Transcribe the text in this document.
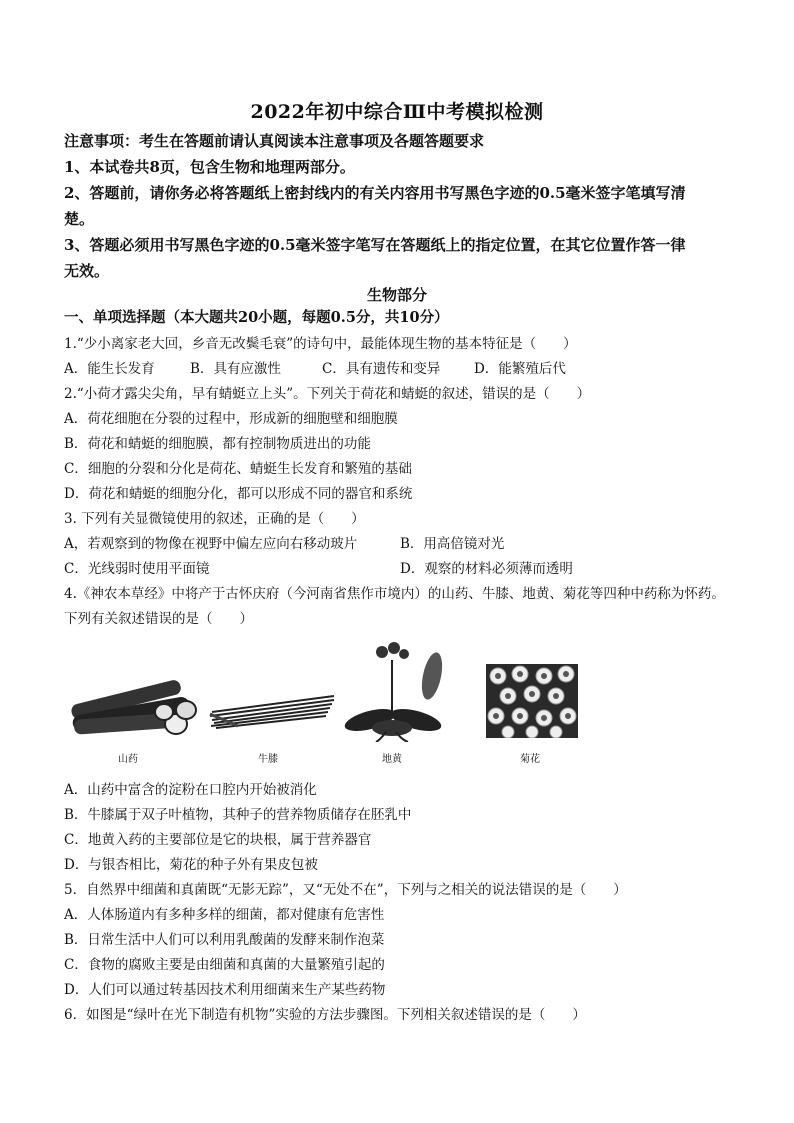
2022年初中综合Ⅲ中考模拟检测
注意事项：考生在答题前请认真阅读本注意事项及各题答题要求
1、本试卷共8页，包含生物和地理两部分。
2、答题前，请你务必将答题纸上密封线内的有关内容用书写黑色字迹的0.5毫米签字笔填写清
楚。
3、答题必须用书写黑色字迹的0.5毫米签字笔写在答题纸上的指定位置，在其它位置作答一律
无效。
生物部分
一、单项选择题（本大题共20小题，每题0.5分，共10分）
1.“少小离家老大回，乡音无改鬓毛衰”的诗句中，最能体现生物的基本特征是（　　）
A．能生长发育	B．具有应激性	C．具有遗传和变异 D．能繁殖后代
2.“小荷才露尖尖角，早有蜻蜓立上头”。下列关于荷花和蜻蜓的叙述，错误的是（　　）
A．荷花细胞在分裂的过程中，形成新的细胞壁和细胞膜
B．荷花和蜻蜓的细胞膜，都有控制物质进出的功能
C．细胞的分裂和分化是荷花、蜻蜓生长发育和繁殖的基础
D．荷花和蜻蜓的细胞分化，都可以形成不同的器官和系统
3. 下列有关显微镜使用的叙述，正确的是（　　）
A，若观察到的物像在视野中偏左应向右移动玻片	B．用高倍镜对光
C．光线弱时使用平面镜	D．观察的材料必须薄而透明
4.《神农本草经》中将产于古怀庆府（今河南省焦作市境内）的山药、牛膝、地黄、菊花等四种中药称为怀药。
下列有关叙述错误的是（　　）
山药	牛膝	地黄	菊花
A．山药中富含的淀粉在口腔内开始被消化
B．牛膝属于双子叶植物，其种子的营养物质储存在胚乳中
C．地黄入药的主要部位是它的块根，属于营养器官
D．与银杏相比，菊花的种子外有果皮包被
5．自然界中细菌和真菌既“无影无踪”，又“无处不在”，下列与之相关的说法错误的是（　　）
A．人体肠道内有多种多样的细菌，都对健康有危害性
B．日常生活中人们可以利用乳酸菌的发酵来制作泡菜
C．食物的腐败主要是由细菌和真菌的大量繁殖引起的
D．人们可以通过转基因技术利用细菌来生产某些药物
6．如图是“绿叶在光下制造有机物”实验的方法步骤图。下列相关叙述错误的是（　　）
